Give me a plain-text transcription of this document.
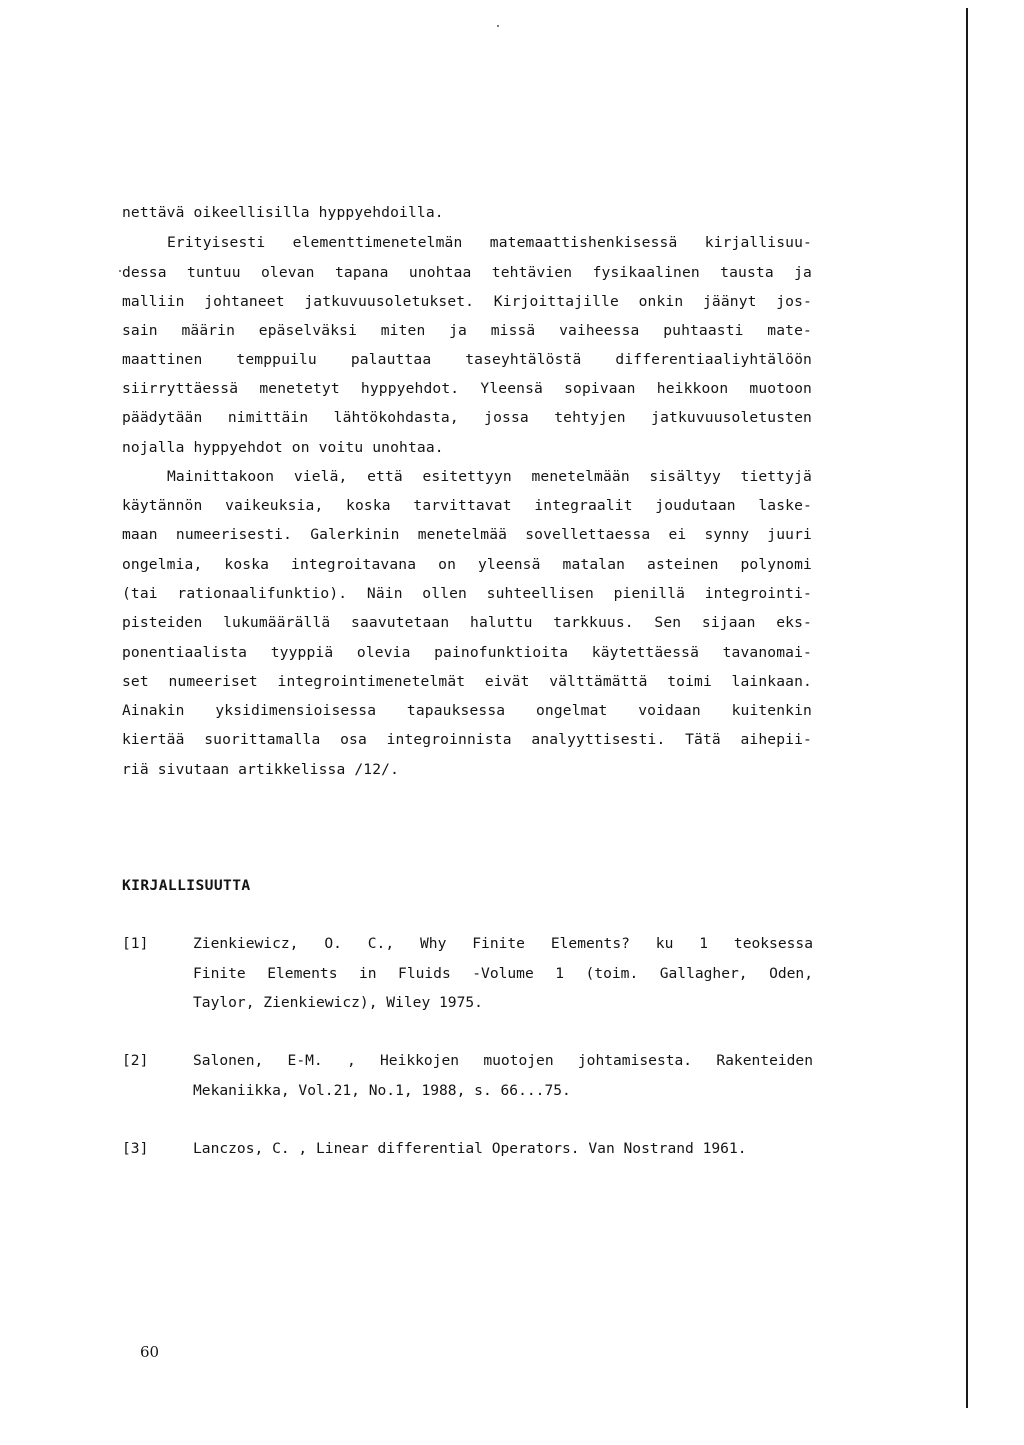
nettävä oikeellisilla hyppyehdoilla.
Erityisesti elementtimenetelmän matemaattishenkisessä kirjallisuu-
dessa tuntuu olevan tapana unohtaa tehtävien fysikaalinen tausta ja
malliin johtaneet jatkuvuusoletukset. Kirjoittajille onkin jäänyt jos-
sain määrin epäselväksi miten ja missä vaiheessa puhtaasti mate-
maattinen temppuilu palauttaa taseyhtälöstä differentiaaliyhtälöön
siirryttäessä menetetyt hyppyehdot. Yleensä sopivaan heikkoon muotoon
päädytään nimittäin lähtökohdasta, jossa tehtyjen jatkuvuusoletusten
nojalla hyppyehdot on voitu unohtaa.
Mainittakoon vielä, että esitettyyn menetelmään sisältyy tiettyjä
käytännön vaikeuksia, koska tarvittavat integraalit joudutaan laske-
maan numeerisesti. Galerkinin menetelmää sovellettaessa ei synny juuri
ongelmia, koska integroitavana on yleensä matalan asteinen polynomi
(tai rationaalifunktio). Näin ollen suhteellisen pienillä integrointi-
pisteiden lukumäärällä saavutetaan haluttu tarkkuus. Sen sijaan eks-
ponentiaalista tyyppiä olevia painofunktioita käytettäessä tavanomai-
set numeeriset integrointimenetelmät eivät välttämättä toimi lainkaan.
Ainakin yksidimensioisessa tapauksessa ongelmat voidaan kuitenkin
kiertää suorittamalla osa integroinnista analyyttisesti. Tätä aihepii-
riä sivutaan artikkelissa /12/.
KIRJALLISUUTTA
[1]	Zienkiewicz, O. C., Why Finite Elements? ku 1 teoksessa
Finite Elements in Fluids -Volume 1 (toim. Gallagher, Oden,
Taylor, Zienkiewicz), Wiley 1975.
[2]	Salonen, E-M. , Heikkojen muotojen johtamisesta. Rakenteiden
Mekaniikka, Vol.21, No.1, 1988, s. 66...75.
[3]	Lanczos, C. , Linear differential Operators. Van Nostrand 1961.
60
